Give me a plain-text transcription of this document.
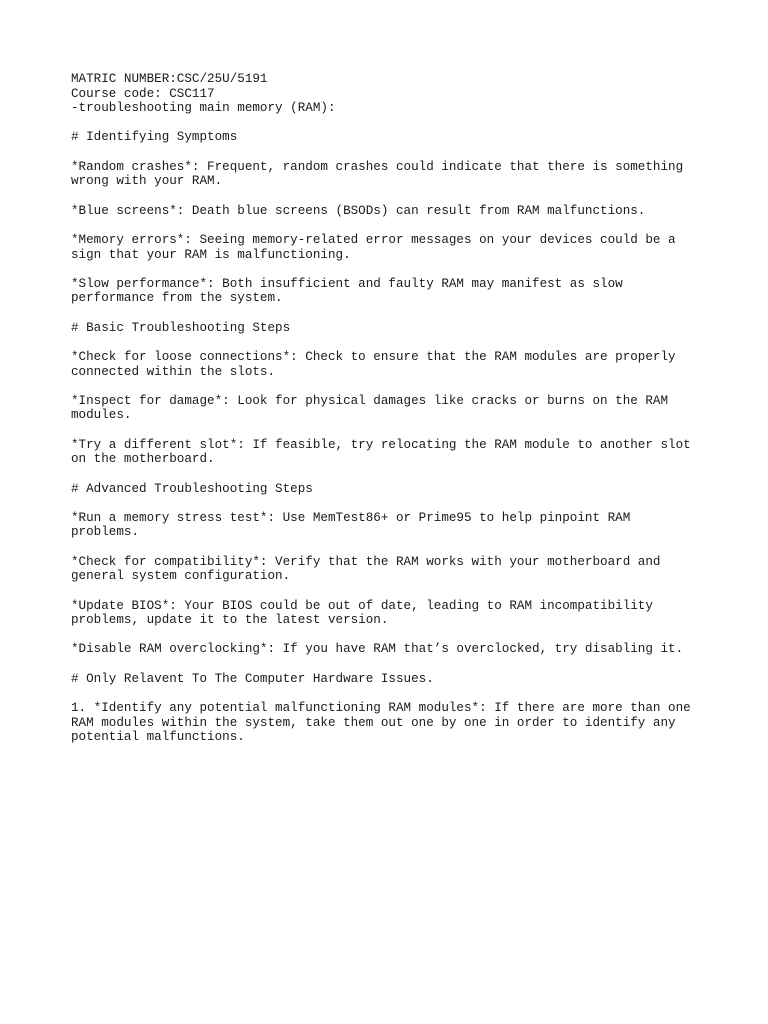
MATRIC NUMBER:CSC/25U/5191
Course code: CSC117
-troubleshooting main memory (RAM):
# Identifying Symptoms
*Random crashes*: Frequent, random crashes could indicate that there is something
wrong with your RAM.
*Blue screens*: Death blue screens (BSODs) can result from RAM malfunctions.
*Memory errors*: Seeing memory-related error messages on your devices could be a
sign that your RAM is malfunctioning.
*Slow performance*: Both insufficient and faulty RAM may manifest as slow
performance from the system.
# Basic Troubleshooting Steps
*Check for loose connections*: Check to ensure that the RAM modules are properly
connected within the slots.
*Inspect for damage*: Look for physical damages like cracks or burns on the RAM
modules.
*Try a different slot*: If feasible, try relocating the RAM module to another slot
on the motherboard.
# Advanced Troubleshooting Steps
*Run a memory stress test*: Use MemTest86+ or Prime95 to help pinpoint RAM
problems.
*Check for compatibility*: Verify that the RAM works with your motherboard and
general system configuration.
*Update BIOS*: Your BIOS could be out of date, leading to RAM incompatibility
problems, update it to the latest version.
*Disable RAM overclocking*: If you have RAM that’s overclocked, try disabling it.
# Only Relavent To The Computer Hardware Issues.
1. *Identify any potential malfunctioning RAM modules*: If there are more than one
RAM modules within the system, take them out one by one in order to identify any
potential malfunctions.
